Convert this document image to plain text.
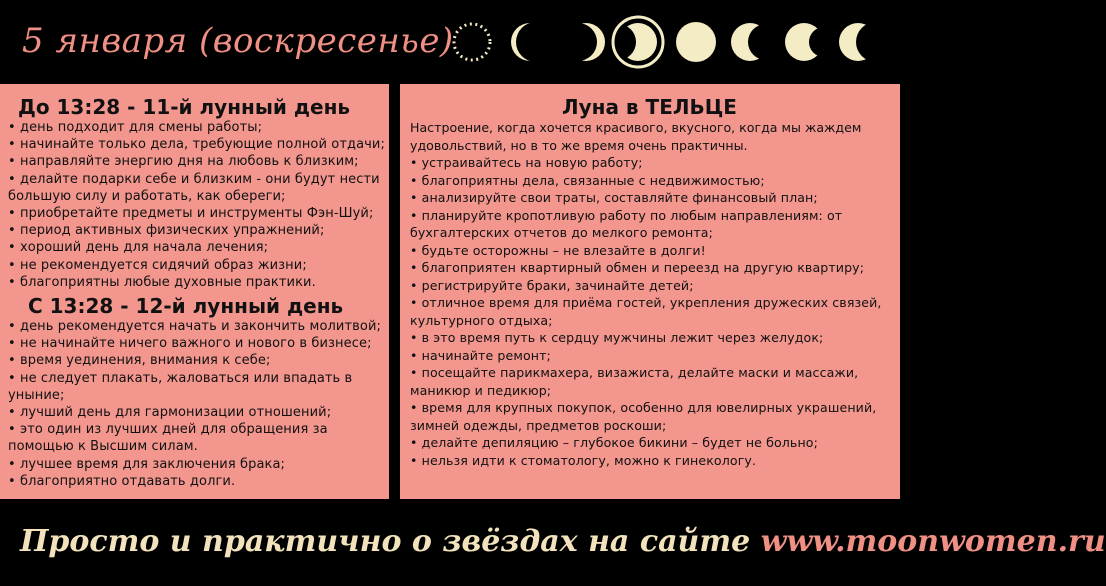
5 января (воскресенье)
До 13:28 - 11-й лунный день
• день подходит для смены работы;
• начинайте только дела, требующие полной отдачи;
• направляйте энергию дня на любовь к близким;
• делайте подарки себе и близким - они будут нести большую силу и работать, как обереги;
• приобретайте предметы и инструменты Фэн-Шуй;
• период активных физических упражнений;
• хороший день для начала лечения;
• не рекомендуется сидячий образ жизни;
• благоприятны любые духовные практики.
С 13:28 - 12-й лунный день
• день рекомендуется начать и закончить молитвой;
• не начинайте ничего важного и нового в бизнесе;
• время уединения, внимания к себе;
• не следует плакать, жаловаться или впадать в уныние;
• лучший день для гармонизации отношений;
• это один из лучших дней для обращения за помощью к Высшим силам.
• лучшее время для заключения брака;
• благоприятно отдавать долги.
Луна в ТЕЛЬЦЕ

Настроение, когда хочется красивого, вкусного, когда мы жаждем удовольствий, но в то же время очень практичны.

• устраивайтесь на новую работу;
• благоприятны дела, связанные с недвижимостью;
• анализируйте свои траты, составляйте финансовый план;
• планируйте кропотливую работу по любым направлениям: от бухгалтерских отчетов до мелкого ремонта;
• будьте осторожны – не влезайте в долги!
• благоприятен квартирный обмен и переезд на другую квартиру;
• регистрируйте браки, зачинайте детей;
• отличное время для приёма гостей, укрепления дружеских связей, культурного отдыха;
• в это время путь к сердцу мужчины лежит через желудок;
• начинайте ремонт;
• посещайте парикмахера, визажиста, делайте маски и массажи, маникюр и педикюр;
• время для крупных покупок, особенно для ювелирных украшений, зимней одежды, предметов роскоши;
• делайте депиляцию – глубокое бикини – будет не больно;
• нельзя идти к стоматологу, можно к гинекологу.
Просто и практично о звёздах на сайте www.moonwomen.ru
